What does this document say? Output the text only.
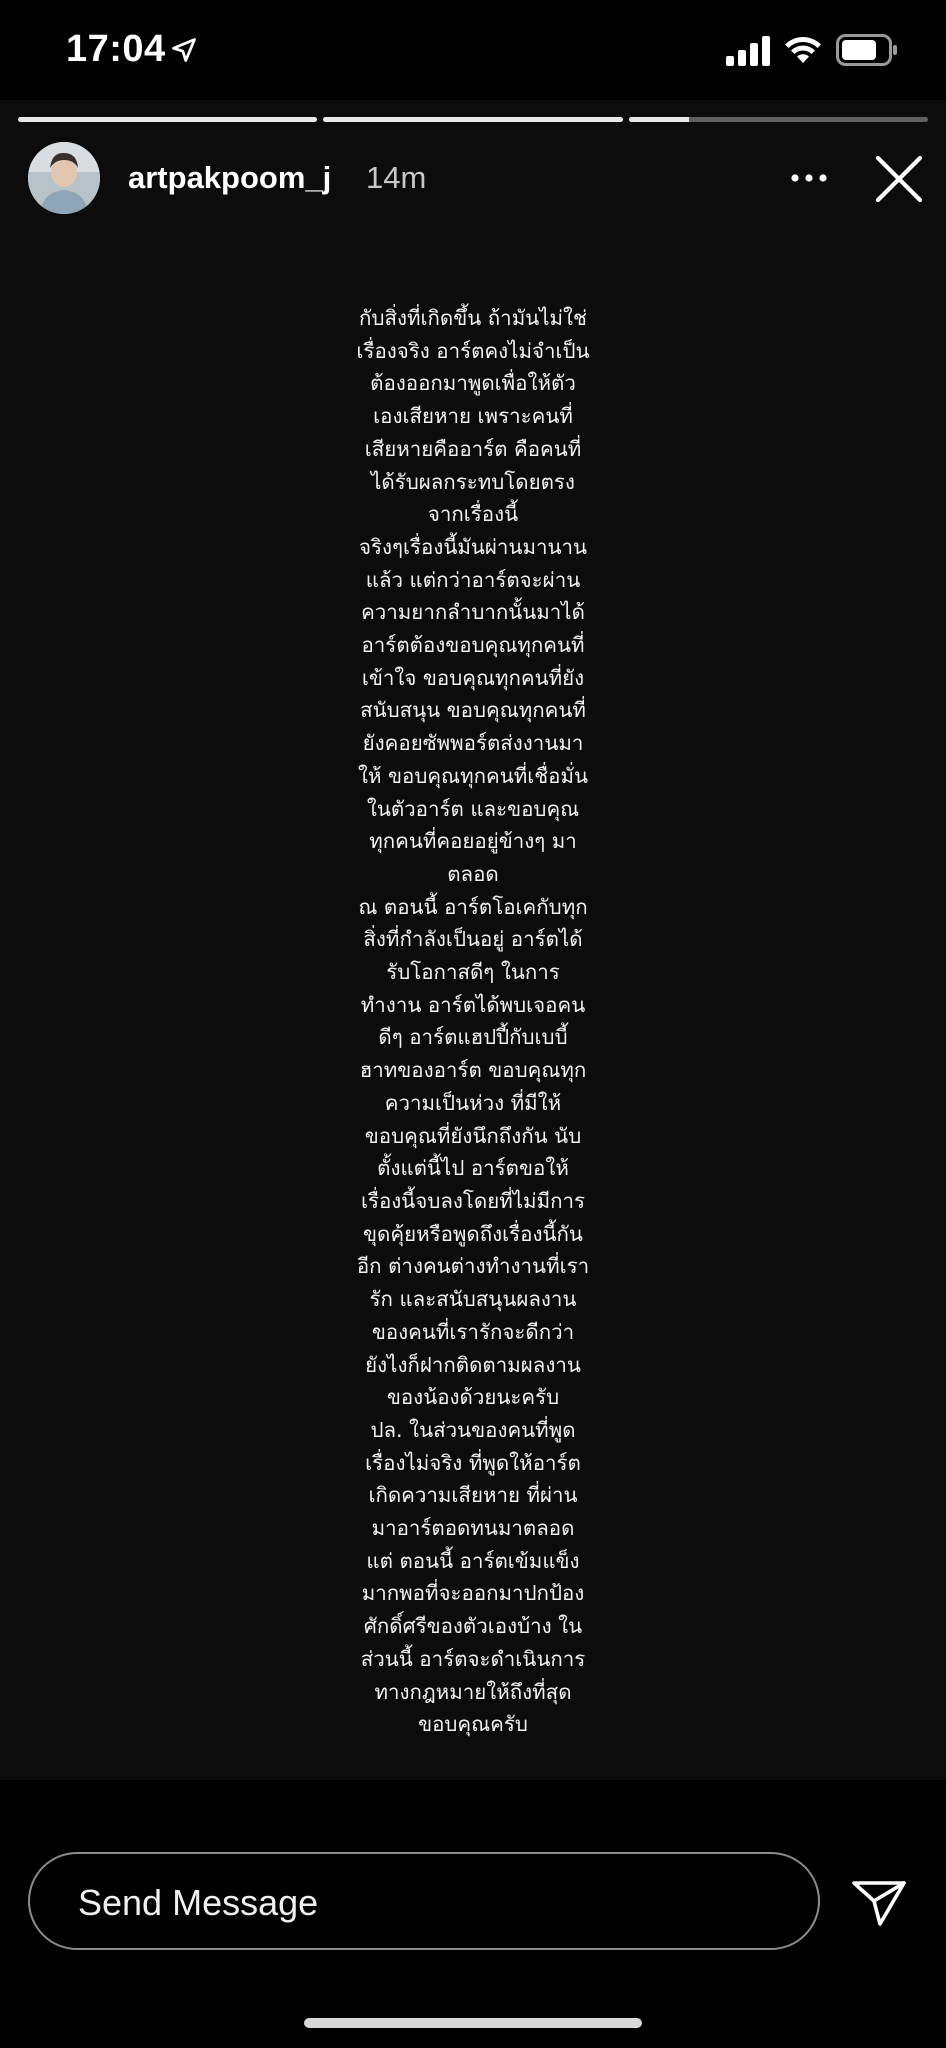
17:04
artpakpoom_j 14m
กับสิ่งที่เกิดขึ้น ถ้ามันไม่ใช่
เรื่องจริง อาร์ตคงไม่จำเป็น
ต้องออกมาพูดเพื่อให้ตัว
เองเสียหาย เพราะคนที่
เสียหายคืออาร์ต คือคนที่
ได้รับผลกระทบโดยตรง
จากเรื่องนี้
จริงๆเรื่องนี้มันผ่านมานาน
แล้ว แต่กว่าอาร์ตจะผ่าน
ความยากลำบากนั้นมาได้
อาร์ตต้องขอบคุณทุกคนที่
เข้าใจ ขอบคุณทุกคนที่ยัง
สนับสนุน ขอบคุณทุกคนที่
ยังคอยซัพพอร์ตส่งงานมา
ให้ ขอบคุณทุกคนที่เชื่อมั่น
ในตัวอาร์ต และขอบคุณ
ทุกคนที่คอยอยู่ข้างๆ มา
ตลอด
ณ ตอนนี้ อาร์ตโอเคกับทุก
สิ่งที่กำลังเป็นอยู่ อาร์ตได้
รับโอกาสดีๆ ในการ
ทำงาน อาร์ตได้พบเจอคน
ดีๆ อาร์ตแฮปปี้กับเบบี้
ฮาทของอาร์ต ขอบคุณทุก
ความเป็นห่วง ที่มีให้
ขอบคุณที่ยังนึกถึงกัน นับ
ตั้งแต่นี้ไป อาร์ตขอให้
เรื่องนี้จบลงโดยที่ไม่มีการ
ขุดคุ้ยหรือพูดถึงเรื่องนี้กัน
อีก ต่างคนต่างทำงานที่เรา
รัก และสนับสนุนผลงาน
ของคนที่เรารักจะดีกว่า
ยังไงก็ฝากติดตามผลงาน
ของน้องด้วยนะครับ
ปล. ในส่วนของคนที่พูด
เรื่องไม่จริง ที่พูดให้อาร์ต
เกิดความเสียหาย ที่ผ่าน
มาอาร์ตอดทนมาตลอด
แต่ ตอนนี้ อาร์ตเข้มแข็ง
มากพอที่จะออกมาปกป้อง
ศักดิ์ศรีของตัวเองบ้าง ใน
ส่วนนี้ อาร์ตจะดำเนินการ
ทางกฎหมายให้ถึงที่สุด
ขอบคุณครับ
Send Message
